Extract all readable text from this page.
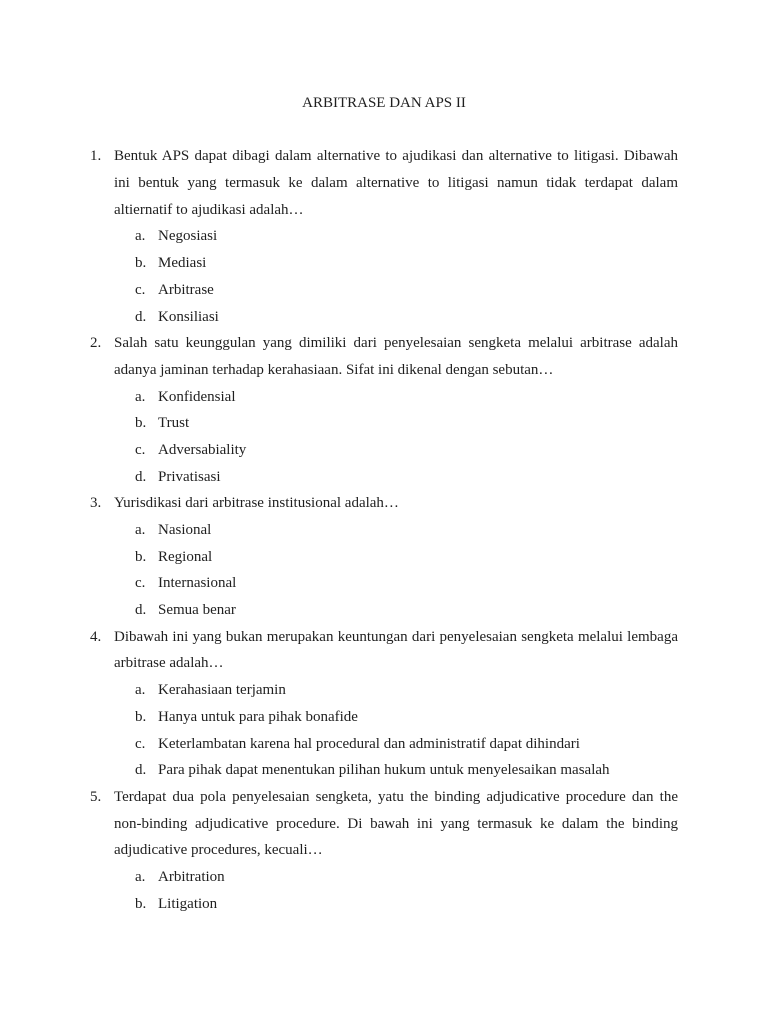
ARBITRASE DAN APS II
1. Bentuk APS dapat dibagi dalam alternative to ajudikasi dan alternative to litigasi. Dibawah
ini bentuk yang termasuk ke dalam alternative to litigasi namun tidak terdapat dalam
altiernatif to ajudikasi adalah…
a. Negosiasi
b. Mediasi
c. Arbitrase
d. Konsiliasi
2. Salah satu keunggulan yang dimiliki dari penyelesaian sengketa melalui arbitrase adalah
adanya jaminan terhadap kerahasiaan. Sifat ini dikenal dengan sebutan…
a. Konfidensial
b. Trust
c. Adversabiality
d. Privatisasi
3. Yurisdikasi dari arbitrase institusional adalah…
a. Nasional
b. Regional
c. Internasional
d. Semua benar
4. Dibawah ini yang bukan merupakan keuntungan dari penyelesaian sengketa melalui lembaga
arbitrase adalah…
a. Kerahasiaan terjamin
b. Hanya untuk para pihak bonafide
c. Keterlambatan karena hal procedural dan administratif dapat dihindari
d. Para pihak dapat menentukan pilihan hukum untuk menyelesaikan masalah
5. Terdapat dua pola penyelesaian sengketa, yatu the binding adjudicative procedure dan the
non-binding adjudicative procedure. Di bawah ini yang termasuk ke dalam the binding
adjudicative procedures, kecuali…
a. Arbitration
b. Litigation
